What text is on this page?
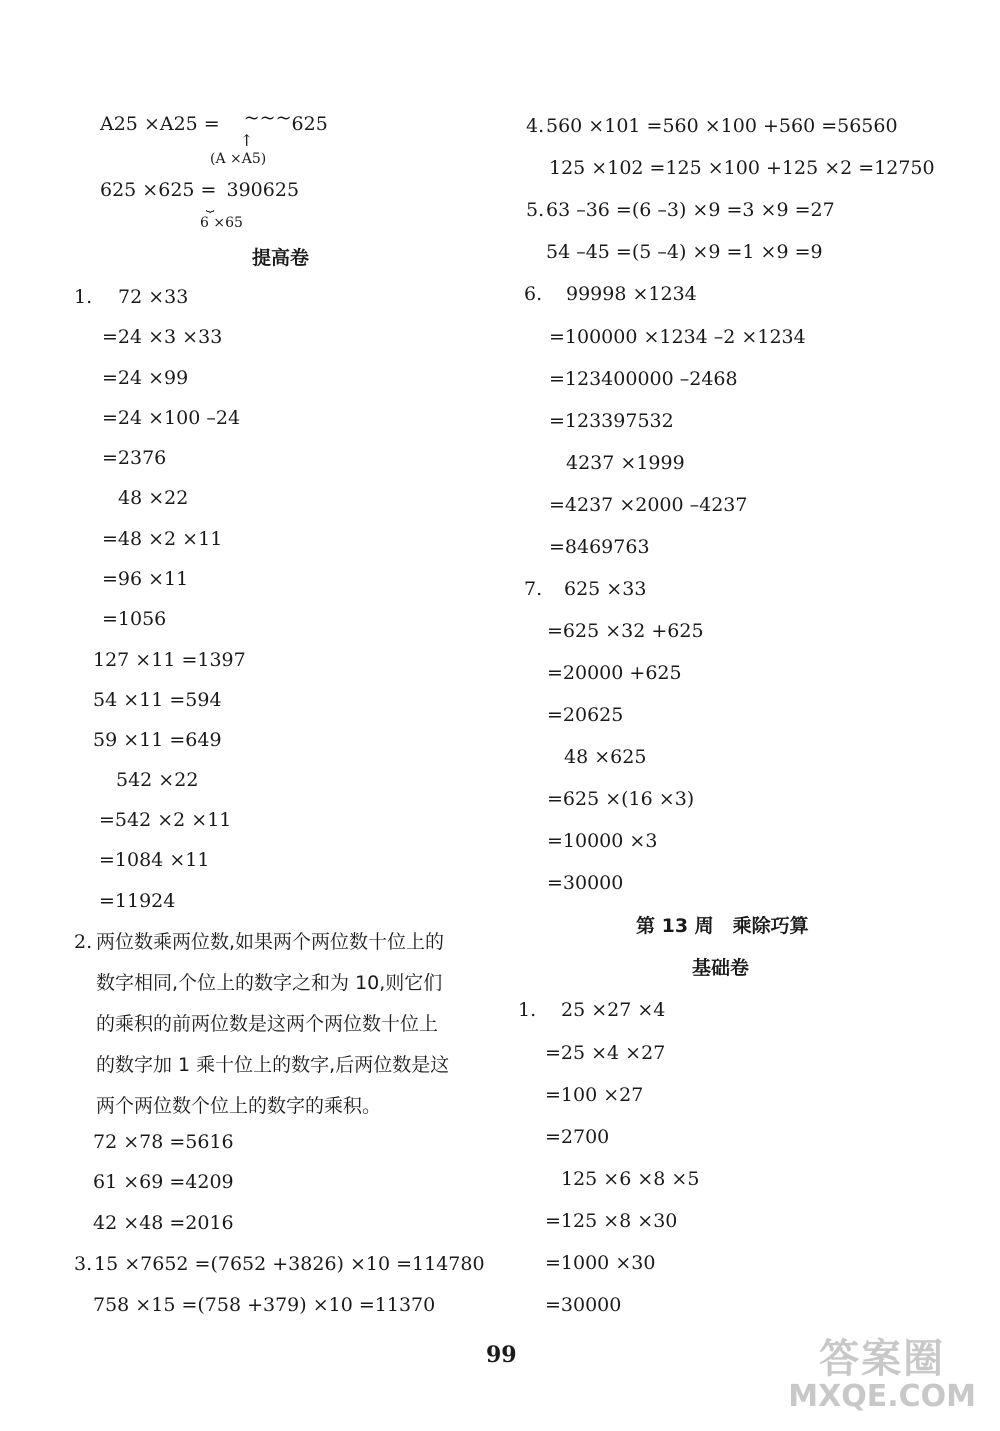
A25 ×A25 = ~~~625
↑
(A ×A5)
625 ×625 = 390625
⏟
6 ×65
提高卷
1. 72 ×33
=24 ×3 ×33
=24 ×99
=24 ×100 –24
=2376
48 ×22
=48 ×2 ×11
=96 ×11
=1056
127 ×11 =1397
54 ×11 =594
59 ×11 =649
542 ×22
=542 ×2 ×11
=1084 ×11
=11924
2. 两位数乘两位数,如果两个两位数十位上的
数字相同,个位上的数字之和为 10,则它们
的乘积的前两位数是这两个两位数十位上
的数字加 1 乘十位上的数字,后两位数是这
两个两位数个位上的数字的乘积。
72 ×78 =5616
61 ×69 =4209
42 ×48 =2016
3. 15 ×7652 =(7652 +3826) ×10 =114780
758 ×15 =(758 +379) ×10 =11370
4. 560 ×101 =560 ×100 +560 =56560
125 ×102 =125 ×100 +125 ×2 =12750
5. 63 –36 =(6 –3) ×9 =3 ×9 =27
54 –45 =(5 –4) ×9 =1 ×9 =9
6. 99998 ×1234
=100000 ×1234 –2 ×1234
=123400000 –2468
=123397532
4237 ×1999
=4237 ×2000 –4237
=8469763
7. 625 ×33
=625 ×32 +625
=20000 +625
=20625
48 ×625
=625 ×(16 ×3)
=10000 ×3
=30000
第 13 周　乘除巧算
基础卷
1. 25 ×27 ×4
=25 ×4 ×27
=100 ×27
=2700
125 ×6 ×8 ×5
=125 ×8 ×30
=1000 ×30
=30000
99	答案圈
MXQE.COM
